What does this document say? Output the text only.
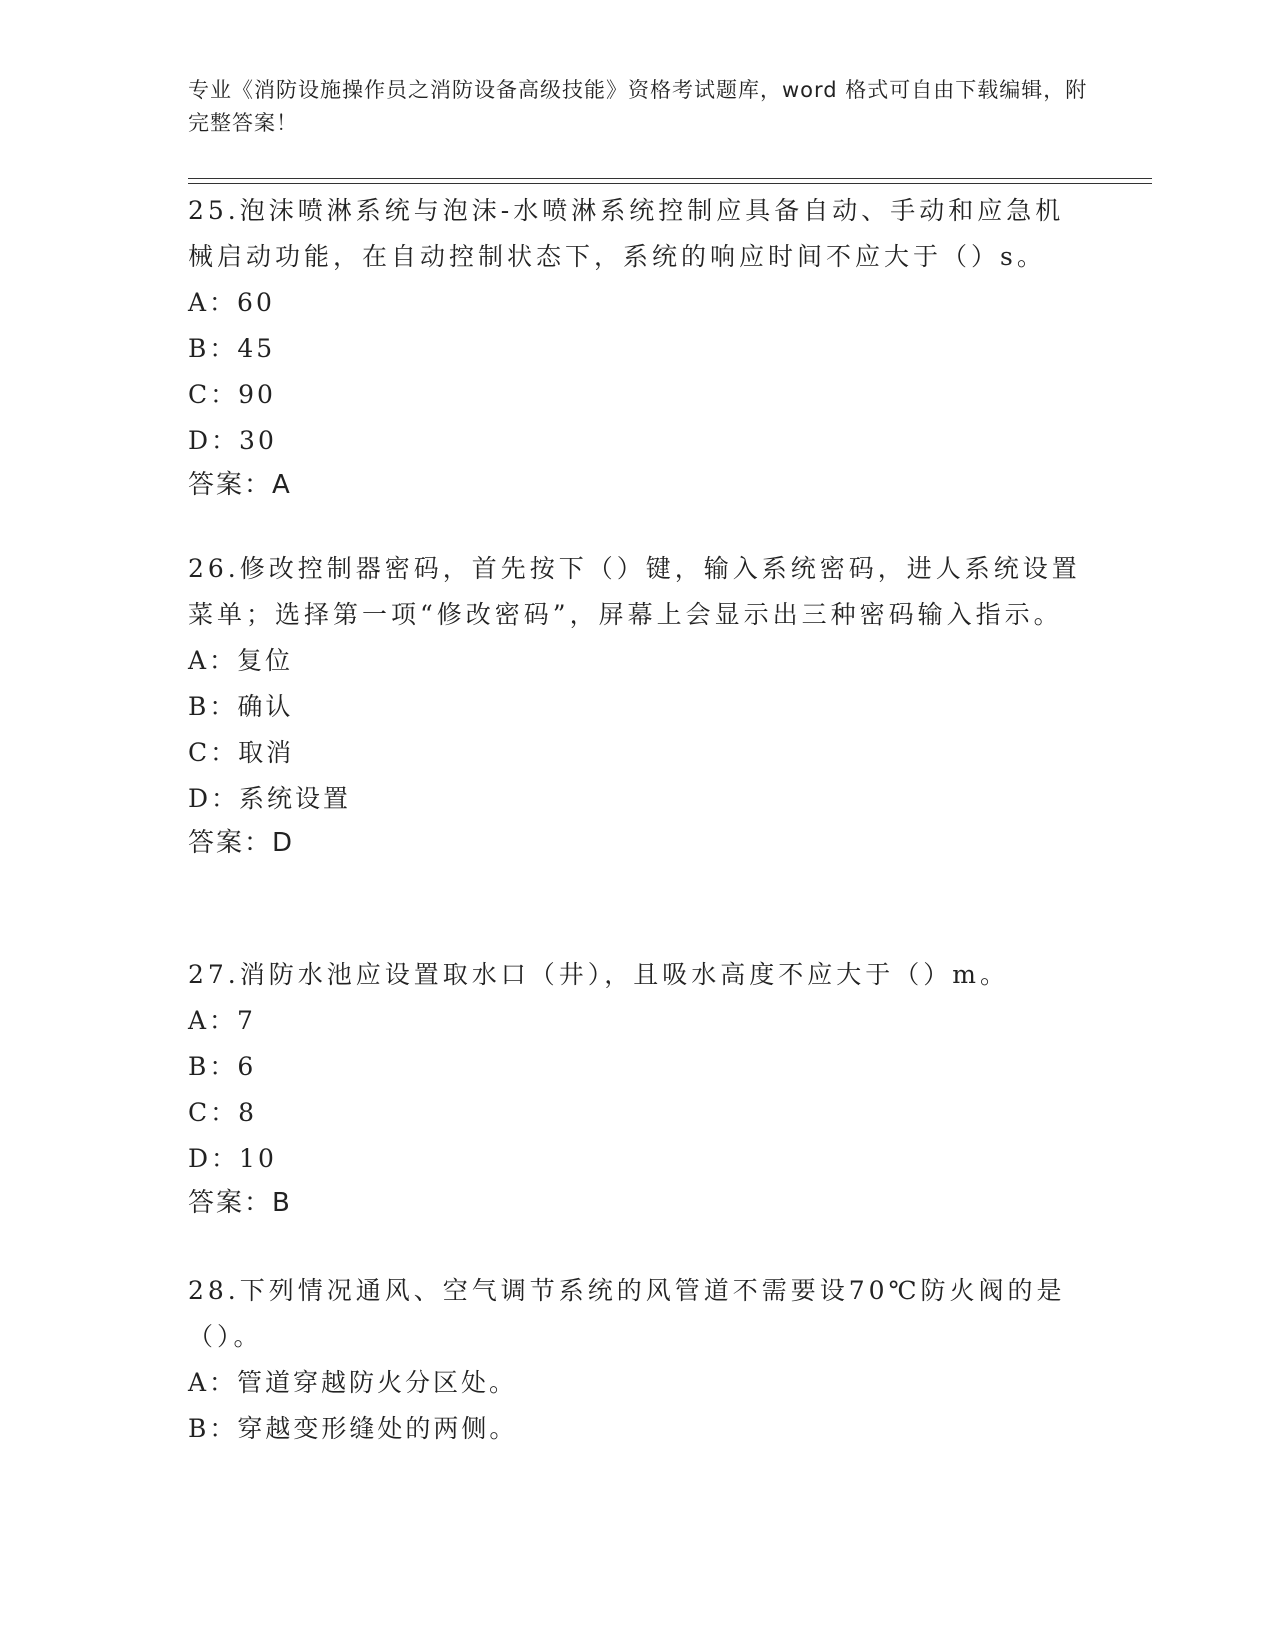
专业《消防设施操作员之消防设备高级技能》资格考试题库，word 格式可自由下载编辑，附完整答案！

25.泡沫喷淋系统与泡沫-水喷淋系统控制应具备自动、手动和应急机械启动功能，在自动控制状态下，系统的响应时间不应大于（）s。

A：60

B：45

C：90

D：30

答案：A

26.修改控制器密码，首先按下（）键，输入系统密码，进人系统设置菜单；选择第一项“修改密码”，屏幕上会显示出三种密码输入指示。

A：复位

B：确认

C：取消

D：系统设置

答案：D

27.消防水池应设置取水口（井），且吸水高度不应大于（）m。

A：7

B：6

C：8

D：10

答案：B

28.下列情况通风、空气调节系统的风管道不需要设70℃防火阀的是（）。

A：管道穿越防火分区处。

B：穿越变形缝处的两侧。
